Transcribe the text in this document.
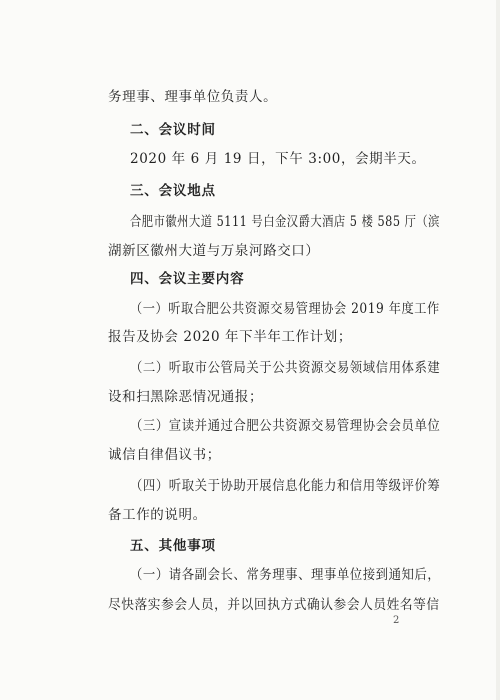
务理事、理事单位负责人。
二、会议时间
2020 年 6 月 19 日，下午 3:00，会期半天。
三、会议地点
合肥市徽州大道 5111 号白金汉爵大酒店 5 楼 585 厅（滨
湖新区徽州大道与万泉河路交口）
四、会议主要内容
（一）听取合肥公共资源交易管理协会 2019 年度工作
报告及协会 2020 年下半年工作计划；
（二）听取市公管局关于公共资源交易领域信用体系建
设和扫黑除恶情况通报；
（三）宣读并通过合肥公共资源交易管理协会会员单位
诚信自律倡议书；
（四）听取关于协助开展信息化能力和信用等级评价筹
备工作的说明。
五、其他事项
（一）请各副会长、常务理事、理事单位接到通知后，
尽快落实参会人员，并以回执方式确认参会人员姓名等信
2
